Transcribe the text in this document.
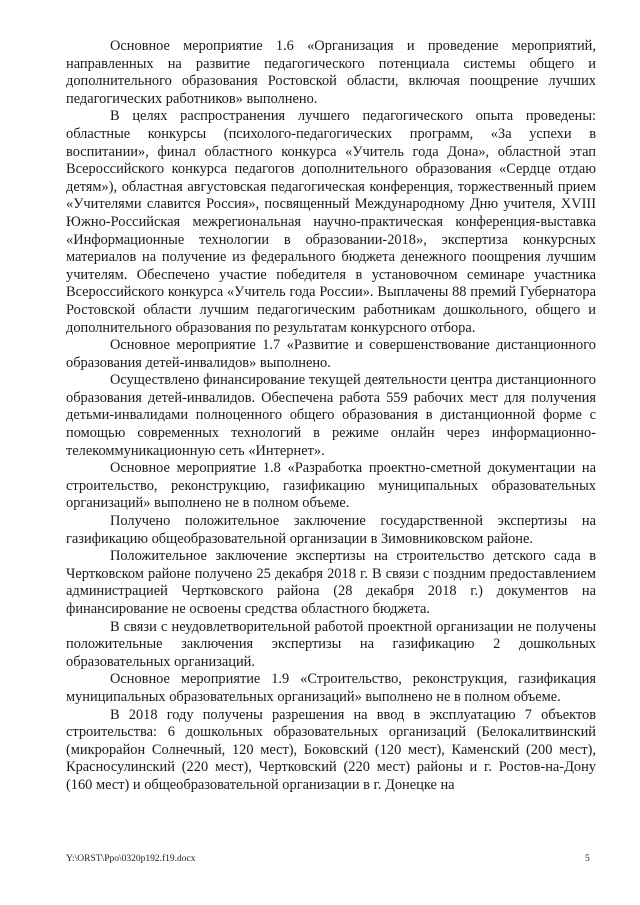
Основное мероприятие 1.6 «Организация и проведение мероприятий, направленных на развитие педагогического потенциала системы общего и дополнительного образования Ростовской области, включая поощрение лучших педагогических работников» выполнено.

В целях распространения лучшего педагогического опыта проведены: областные конкурсы (психолого-педагогических программ, «За успехи в воспитании», финал областного конкурса «Учитель года Дона», областной этап Всероссийского конкурса педагогов дополнительного образования «Сердце отдаю детям»), областная августовская педагогическая конференция, торжественный прием «Учителями славится Россия», посвященный Международному Дню учителя, XVIII Южно-Российская межрегиональная научно-практическая конференция-выставка «Информационные технологии в образовании-2018», экспертиза конкурсных материалов на получение из федерального бюджета денежного поощрения лучшим учителям. Обеспечено участие победителя в установочном семинаре участника Всероссийского конкурса «Учитель года России». Выплачены 88 премий Губернатора Ростовской области лучшим педагогическим работникам дошкольного, общего и дополнительного образования по результатам конкурсного отбора.

Основное мероприятие 1.7 «Развитие и совершенствование дистанционного образования детей-инвалидов» выполнено.

Осуществлено финансирование текущей деятельности центра дистанционного образования детей-инвалидов. Обеспечена работа 559 рабочих мест для получения детьми-инвалидами полноценного общего образования в дистанционной форме с помощью современных технологий в режиме онлайн через информационно-телекоммуникационную сеть «Интернет».

Основное мероприятие 1.8 «Разработка проектно-сметной документации на строительство, реконструкцию, газификацию муниципальных образовательных организаций» выполнено не в полном объеме.

Получено положительное заключение государственной экспертизы на газификацию общеобразовательной организации в Зимовниковском районе.

Положительное заключение экспертизы на строительство детского сада в Чертковском районе получено 25 декабря 2018 г. В связи с поздним предоставлением администрацией Чертковского района (28 декабря 2018 г.) документов на финансирование не освоены средства областного бюджета.

В связи с неудовлетворительной работой проектной организации не получены положительные заключения экспертизы на газификацию 2 дошкольных образовательных организаций.

Основное мероприятие 1.9 «Строительство, реконструкция, газификация муниципальных образовательных организаций» выполнено не в полном объеме.

В 2018 году получены разрешения на ввод в эксплуатацию 7 объектов строительства: 6 дошкольных образовательных организаций (Белокалитвинский (микрорайон Солнечный, 120 мест), Боковский (120 мест), Каменский (200 мест), Красносулинский (220 мест), Чертковский (220 мест) районы и г. Ростов-на-Дону (160 мест) и общеобразовательной организации в г. Донецке на

Y:\ORST\Ppo\0320p192.f19.docx	5
